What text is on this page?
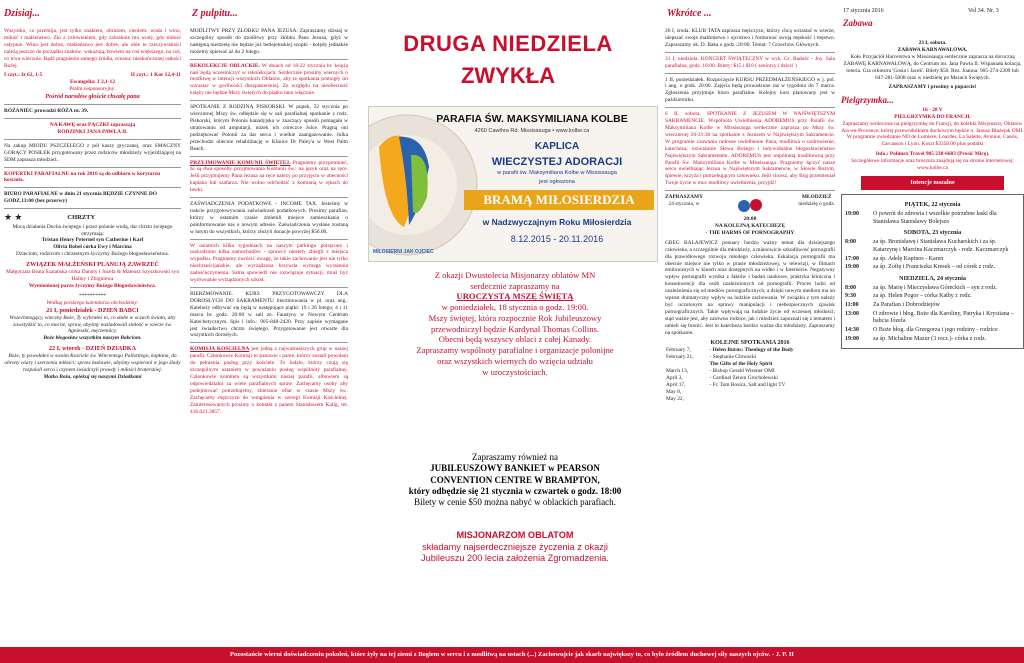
Dzisiaj...	Z pulpitu...	Wkrótce ...	17 stycznia 2016	Vol 34. Nr. 3
Zabawa
DRUGA NIEDZIELA
ZWYKŁA
MIŁOSIERNI JAK OJCIEC
PARAFIA ŚW. MAKSYMILIANA KOLBE
4260 Cawthra Rd. Mississauga • www.kolbe.ca
KAPLICA
WIECZYSTEJ ADORACJI
w parafii św. Maksymiliana Kolbe w Mississauga
jest ogłoszona
BRAMĄ MIŁOSIERDZIA
w Nadzwyczajnym Roku Miłosierdzia
8.12.2015 - 20.11.2016
Z okazji Dwustolecia Misjonarzy oblatów MN
serdecznie zapraszamy na
UROCZYSTĄ MSZĘ ŚWIĘTĄ
w poniedziałek, 18 stycznia o godz. 19:00.
Mszy świętej, która rozpocznie Rok Jubileuszowy
przewodniczył będzie Kardynał Thomas Collins.
Obecni będą wszyscy oblaci z całej Kanady.
Zapraszamy wspólnoty parafialne i organizacje polonijne
oraz wszystkich wiernych do wzięcia udziału
w uroczystościach.
Zapraszamy również na
JUBILEUSZOWY BANKIET w PEARSON
CONVENTION CENTRE W BRAMPTON,
który odbędzie się 21 stycznia w czwartek o godz. 18:00
Bilety w cenie $50 można nabyć w oblackich parafiach.
MISJONARZOM OBLATOM
składamy najserdeczniejsze życzenia z okazji
Jubileuszu 200 lecia założenia Zgromadzenia.

Wszystko, co przemija, jest tylko znakiem, obrazem, cieniem: woda i wino, miłość i małżeństwo. Zło z człowiekiem, gdy zabraknie mu wody, gdy miłość osłypnie. Wino jest dobre, małżeństwo jest dobre, ale obie te rzeczywistości należą jeszcze do porządku znaków: wskazują, bowiem na coś większego, na coś, co trwa wiecznie. Bądź pragnienie samego źródła, oceanu; nieskończonej radości Bożej.

I czyt.: Iz 62, 1-5	II czyt.: 1 Kor 12,4-11
Ewangelia: J 2,1-12
Psalm responsoryjny:

Pośród narodów głoście chwałę pana

RÓŻANIEC prowadzi RÓŻA nr. 39.

NA KAWĘ oraz PĄCZKI zapraszają

RODZINKI JANA PAWŁA II.

Na zakup MIODU PSZCZELEGO z pól kaszy gryczanej, oraz SMACZNY GORĄCY POSIŁEK przygotowany przez rodziców młodzieży wyjeżdżającej na ŚDM zaprasza młodzież.

KOPERTKI PARAFIALNE na rok 2016 są do odbioru w korytarzu kościoła.

BIURO PARAFIALNE w dniu 21 stycznia BĘDZIE CZYNNE DO GODZ.13:00 (bez przerwy)

★ ★	CHRZTY
Mocą działania Ducha świętego i przez polanie wodą, dar chrztu świętego otrzymają:
Tristan Henry Peternel syn Catherine i Karl
Olivia Bobel córka Ewy i Marcina

Dzieciom, rodzicom i chrzestnym życzymy Bożego błogosławieństwa.

ZWIĄZEK MAŁŻEŃSKI PLANUJĄ ZAWRZEĆ
Małgorzata Beata Szalańska córka Danuty i Józefa & Mateusz Szyszkowski syn Haliny i Zbigniewa

Wymienionej parze życzymy Bożego Błogosławieństwa.

**********
Według polskiego kalendarza obchodzimy:
21 I, poniedziałek - DZIEŃ BABCI
Wszechmogący, wieczny Boże, Ty wybrałeś to, co słabe w oczach świata, aby zawstydzić to, co mocne, spraw, abyśmy naśladowali stałość w wierze św. Agnieszki, męczennicy.

Boże błogosław wszystkim naszym Babciom.

22 I, wtorek - DZIEŃ DZIADKA
Boże, ty powołałeś w swoim Kościele św. Wincentego Pallottiego, kapłana, do obrony wiary i szerzenia miłości; spraw łaskawie, abyśmy wspierani w jego ślady rozpalali serca i czynem świadczyli prawdy i miłości braterskiej.
Matko Boża, opiekuj się naszymi Dziadkami

MODLITWY PRZY ŻŁÓBKU PANA JEZUSA. Zapraszamy dzisiaj w szczególny sposób do modlitwy przy żłóbku Pana Jezusa, gdyż w następną niedzielę nie będzie już betlejemskiej szopki - kolędy jednakże możemy śpiewać aż do 2 lutego.

REKOLEKCJE OBLACKIE. W dniach od 18-22 stycznia br. księża nasi będą uczestniczyć w rekolekcjach. Serdecznie prosimy wiernych o modlitwę w intencji wszystkich Oblatów, aby te spotkania pomogły im wzrastać w gorliwości duszpasterskiej. Ze względu na nieobecność księży nie będzie Mszy świętych do piątku rano włącznie.

SPOTKANIE Z RODZINĄ PISKORSKI. W piątek, 22 stycznia po wieczornej Mszy św. odbędzie się w sali parafialnej spotkanie z rodz. Piskorski, którym Polonia kanadyjska w znaczący sposób pomagała w utratowaniu od amputacji, nóżek ich córeczce Julce. Pragną oni podziękować Polonii za dar serca i wielkie zaangażowanie. Julka przechodzi obecnie rehabilitację w Klinice Dr Paley'a w West Palm Beach.

PRZYJMOWANIE KOMUNII ŚWIĘTEJ. Pragniemy przypomnieć, że są dwa sposoby przyjmowania Komunii św.: na język oraz na ręce. Jeśli przyjmujemy Pana Jezusa na ręce należy po przyjęciu w obecności kapłana lub szafarza. Nie wolno odchodzić z komunią w rękach do ławki.

ZAŚWIADCZENIA PODATKOWE - INCOME TAX. Jesteśmy w trakcie przygotowywania zaświadczeń podatkowych. Prosimy parafian, którzy w ostatnim czasie zmienili miejsce zamieszkania o poinformowanie nas o nowym adresie. Zaświadczenia wysłane zostaną w lutym do wszystkich, którzy złożyli donacje powyżej $50.00.

W ostatnich kilku tygodniach na naszym parkingu potrącono i uszkodzono kilka samochodów - sprawcy niestety zbiegli z miejsca wypadku. Pragniemy zwrócić uwagę, że takie zachowanie jest nie tylko niechrześcijańskie, ale wyrządzona krzywda wymaga wyrażenia zadośćuczynienia. Sama spowiedź nie rozwiązuje sytuacji, musi być wyrównanie wyrządzonych szkód.

BIERZMOWANIE. KURS PRZYGOTOWAWCZY DLA DOROSŁYCH DO SAKRAMENTU bierzmowania w pl. oraz ang.. Kateheży odbywać się będą w następujące piątki: 19 i 26 lutego, 4 i 11 marca br. godz. 20:00 w sali ze. Faustyny w Nowym Centrum Katechetycznym. Spis i info.: 905-848-2420. Przy zapisie wymagane jest świadectwo chrztu świętego. Przygotowanie jest otwarte dla wszystkich dorosłych.

KOMISJA KOŚCIELNA jest jedną z najważniejszych grup w naszej parafii. Członkowie Komisji to panowie i panie, którzy zostali powołani do pełnienia posług przy kościele. To ludzie, którzy czują się szczególnym ustaniem w poważaniu posług wspólnoty parafialnej. Członkowie komitetu są wszystkimi naszej parafii, albowiem są odpowiedzialni za wiele parafialnych spraw. Zachęcamy osoby aby podejmować potrzebujemy, zbieranie ofiar w czasie Mszy św.. Zachęcamy mężczyzn do wstąpienia w szeregi Komisji Kościelnej. Zainteresowanych prosimy o kontakt z panem Stanisławem Kulig, tel. 416.621.3857.

20 I, środa. KLUB TATA zaprasza mężczyzn, którzy chcą wzrastać w wierze, ulepszać swoje małżeństwo i ojcostwo i formować swoją męskość i męstwo. Zapraszamy ok. D. Baka o godz.:20:00. Temat: 7 Grzechów Głównych.

31 I, niedziela. KONCERT ŚWIĄTECZNY w wyk. Gr. Radość - Joy. Sala parafialna, godz. 16:00. Bilety: $15 i $10 ( seniorzy i dzieci )

1 II, poniedziałek. Rozpoczęcie KURSU PRZEDMAŁŻEŃSKIEGO w j. pol. i ang. o godz. 20:00. Zajęcia będą prowadzone raz w tygodniu do 7 marca. Zgłoszenia przyjmuje biuro parafialne. Kolejny kurs planowany jest w październiku.

6 II, sobota. SPOTKANIE Z JEZUSEM W NAJŚWIĘTSZYM SAKRAMENCIE. Wspólnota Uwielbienia ADOREMUS przy Parafii św. Maksymiliana Kolbe w Mississauga serdecznie zaprasza po Mszy św. wieczornej 20-21:30 na spotkanie z Jezusem w Najświętszym Sakramencie. W programie czuwania radosne uwielbienie Pana, modlitwa o uzdrowienie, katecheza, rozważanie Słowa Bożego i indywidualne błogosławieństwo Najświętszym Sakramentem. ADOREMUS jest wspólnotą modlitewną przy Parafii Św. Maksymiliana Kolbe w Mississauga. Pragniemy łączyć nasze serca uwielbiając Jezusa w Najświętszym Sakramencie, w Słowie Bożym, śpiewie, krzyża i potrzebującym człowieku. Jeśli chcesz, aby Bóg przemieniał Twoje życie w moc modlitwy uwielbienia, przyjdź!

ZAPRASZAMY
24 stycznia, w
MŁODZIEŻ
niedzielę o godz.
20:00
NA KOLEJNĄ KATECHEZĘ

- THE HARMS OF PORNOGRAPHY

GREG BALAJEWICZ ponuary bardzo ważny temat dla dzisiejszego człowieka, a szczególnie dla młodzieży, a mianowicie szkodliwość pornografii dla prawidłowego rozwoju młodego człowieka. Eskalacja pornografii ma obecnie miejsce nie tylko w prasie młodzieżowej, w telewizji, w filmach emitowanych w kinach oraz dostępnych na wideo i w Internecie. Negatywny wpływ pornografii wynika z faktów i badań naukowe, praktyka kliniczna i konsekwencji dla osób uzależnionych od pornografii. Proces ludzi od uzależnienia się od mediów pornograficznych, a dzięki nowym mediom ma on wprost dramatyczny wpływ na ludzkie zachowania. W związku z tym należy być uczulonym na sprawy manipulacji i niebezpiecznych zjawisk pornograficznych. Takie wpływają na ludzkie życie od wczesnej młodości; stąd ważne jest, aby zarówno rodzice, jak i młodzież zapoznali się z tematem i umieli się bronić. Jest to katecheza bardzo ważna dla młodzieży. Zapraszamy na spotkanie.

KOLEJNE SPOTKANIA 2016
February 7,	- Helen Burns: Theology of the Body
February 21,	- Stephanie Glowacki
	The Gifts of the Holy Spirit
March 13,	- Bishop Gerald Wiesner OMI
April 3,	- Cardinal Zenon Grocholewski
April 17,	- Fr. Tom Rosica, Salt and light TV
May 8,	
May 22,	
23 I, sobota.
ZABAWA KARNAWAŁOWA.

Koło Przyjaciół Harcerstwa w Mississauga serdecznie zaprasza na doroczną ZABAWĘ KARNAWAŁOWĄ, do Centrum im. Jana Pawła II. Wspaniała kolacja, loteria. Gra orkiestra 'Gosia i Jacek'. Bilety $50. Rez. Joanna: 905-274-2309 lub 647-281-5008 oraz w niedzielę po Mszach Świętych.

ZAPRASZAMY i prosimy o poparcie!

Pielgrzymka...
16 - 28 V
PIELGRZYMKA DO FRANCJI.

Zapraszamy serdecznie na pielgrzymkę do Francji, do kolebki Misjonarzy Oblatów Aix-en-Provence, której przewodnikiem duchowym będzie o. Janusz Błażejak OMI. W programie zwiedzanie ND de Lumiere, Lourdes, La Salette, Avinion, Cassis, Carcasson i Lyon. Koszt $3358.00 plus podatki

Info.: Polimex Travel 905 238-6683 (Prosić Mirę).

Szczegółowe informacje oraz broszura znajdują się na stronie internetowej: www.kolbe.ca

Intencje mszalne
PIĄTEK, 22 stycznia
19:00	O powrót do zdrowia i wszelkie potrzebne łaski dla Stanisława Stanisławy Bolejszo
SOBOTA, 23 stycznia
8:00	za śp. Bronisławę i Stanisława Kucharskich i za śp. Katarzynę i Marcina Kaczmarczyk - rodz. Kaczmarczyk
17:00	za śp. Adelę Kapinos - Karen
19:00	za śp. Zofię i Franciszka Kresek – od córek z rodz.
NIEDZIELA, 24 stycznia
8:00	za śp. Marię i Mieczysława Góreckich – syn z rodz.
9:30	za śp. Helen Pogor – córka Kathy z rodz.
11:00	Za Parafian i Dobrodziejów
13:00	O zdrowie i błog. Boże dla Karoliny, Patryka i Krystiana – babcia Józefa
14:30	O Boże błog. dla Grzegorza i jego rodziny - rodzice
19:00	za śp. Michaline Mazur (3 rocz.)- córka z rodz.
Pozostańcie wierni doświadczeniu pokoleń, które żyły na tej ziemi z Bogiem w sercu i z modlitwą na ustach (...) Zachowujcie jak skarb największy to, co było źródłem duchowej siły naszych ojców. - J. P. II
